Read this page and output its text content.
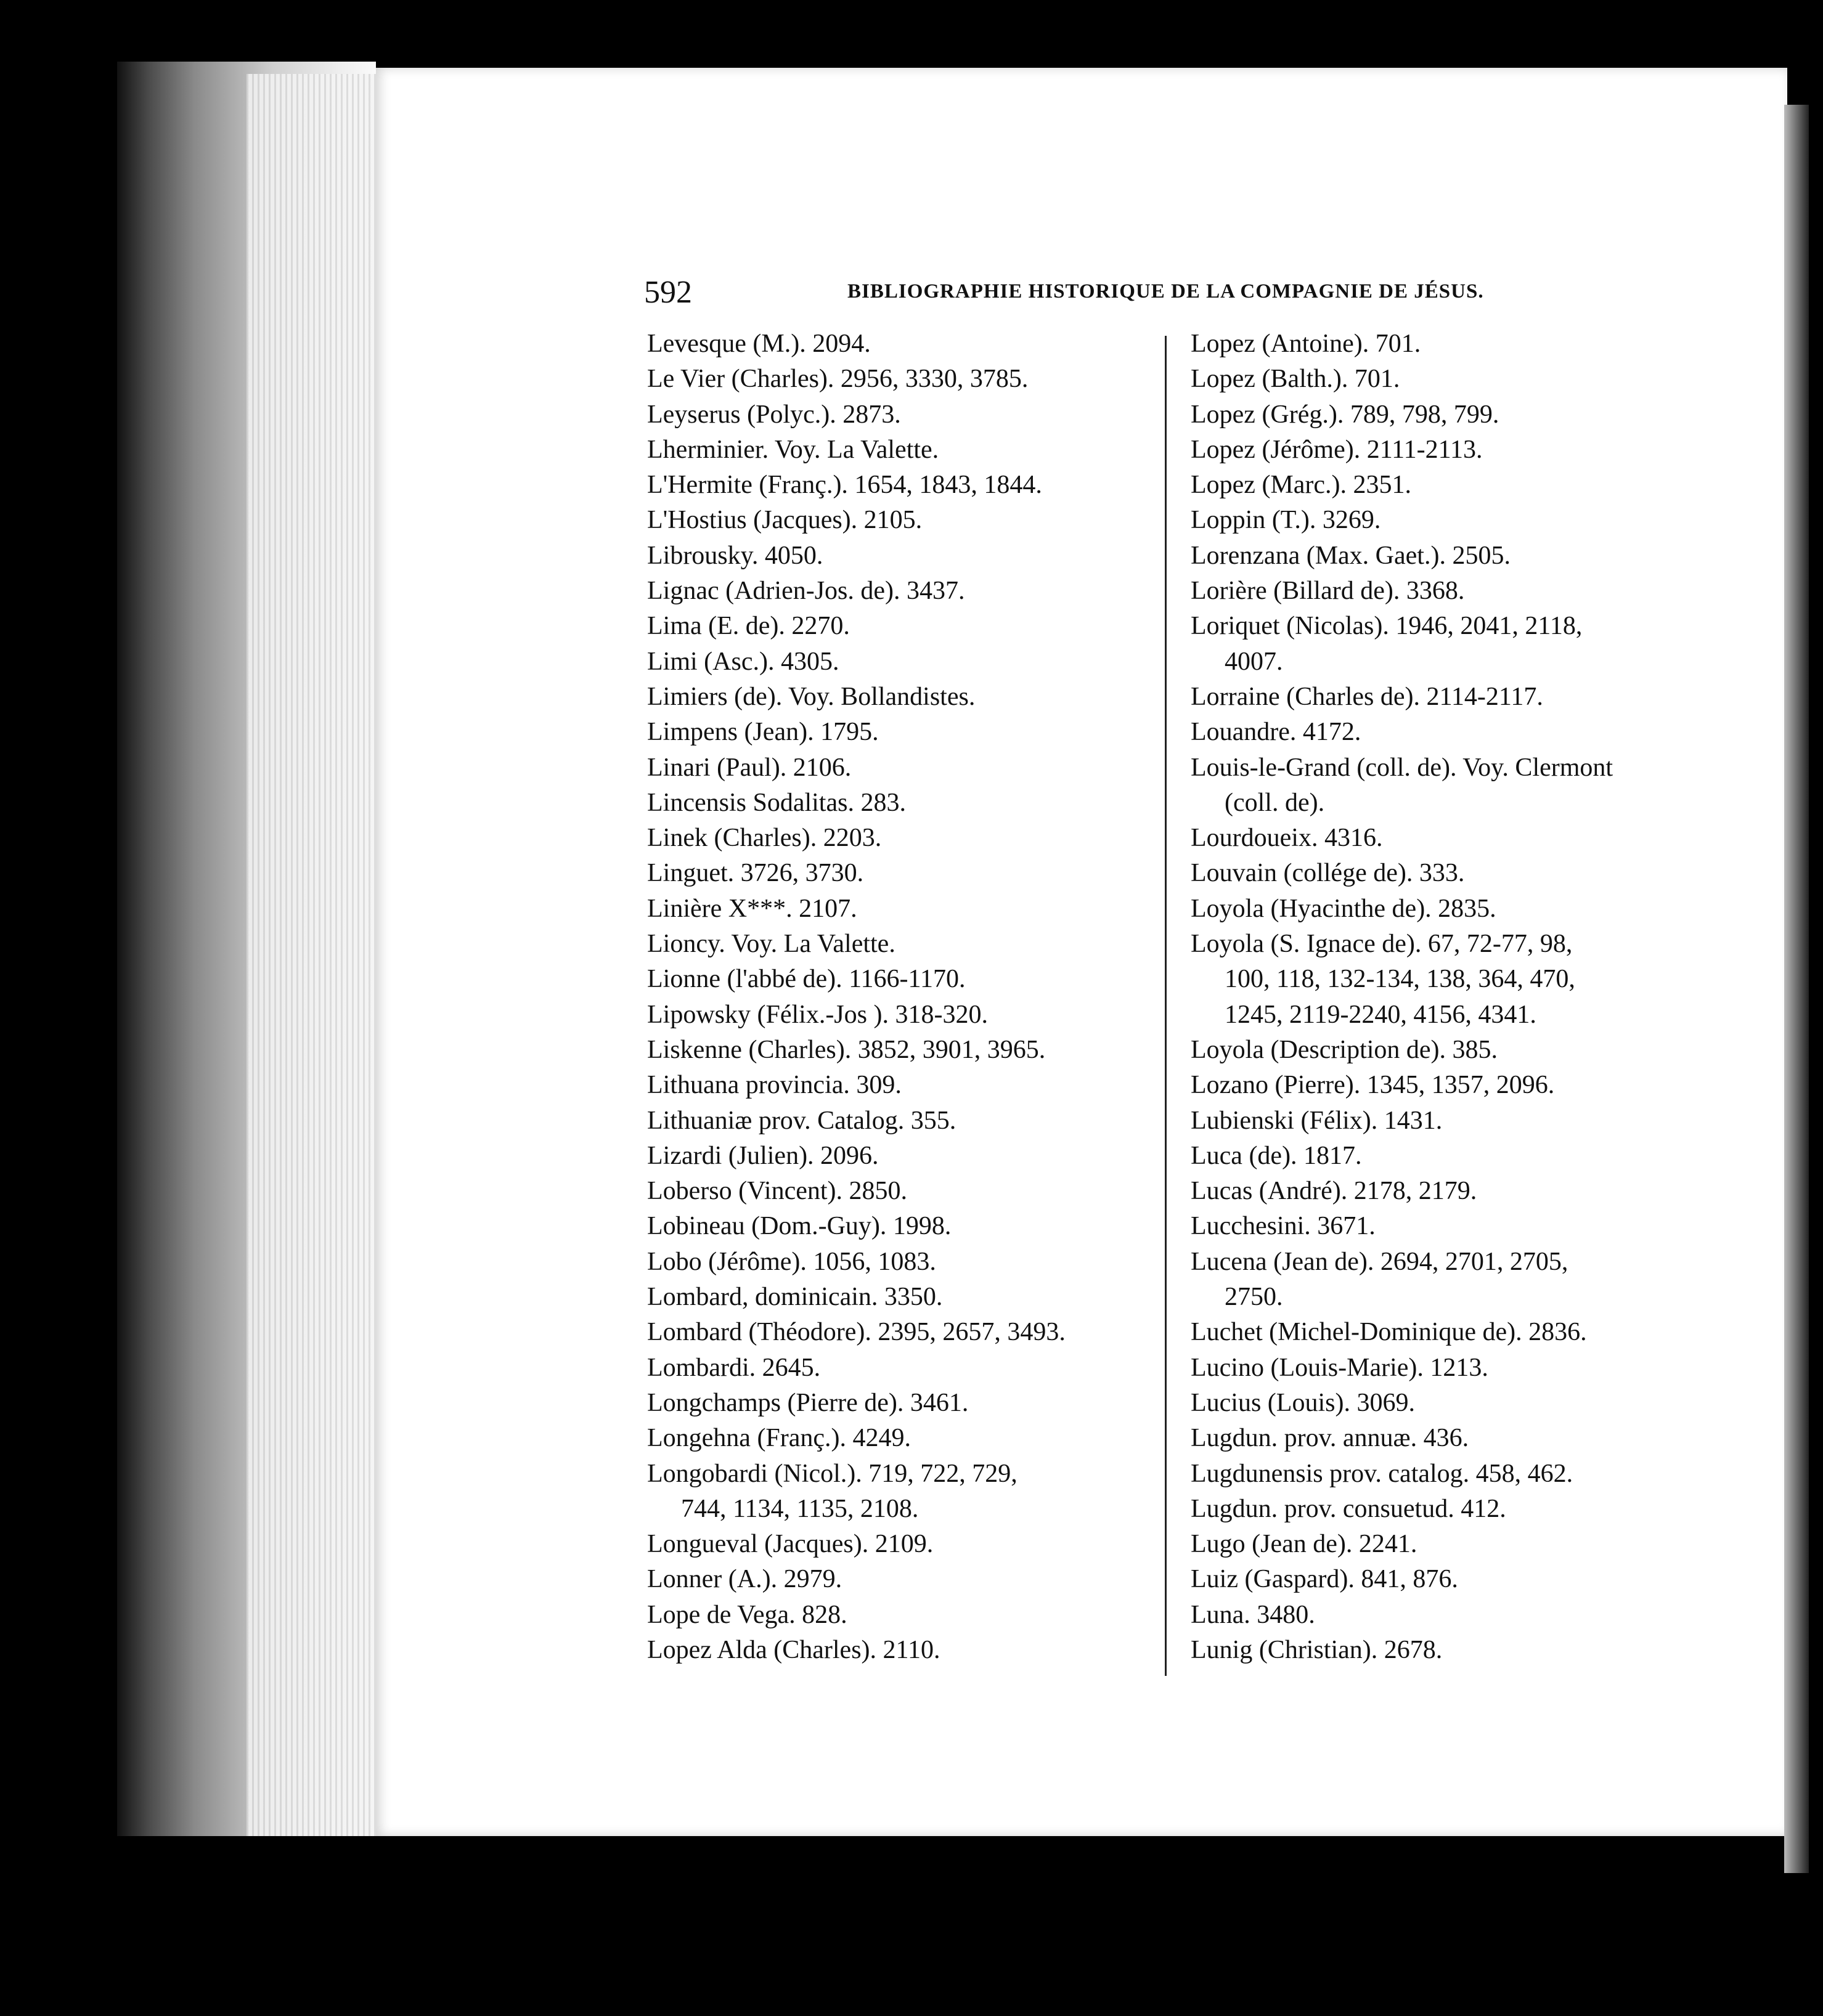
592	BIBLIOGRAPHIE HISTORIQUE DE LA COMPAGNIE DE JÉSUS.

Levesque (M.). 2094.

Le Vier (Charles). 2956, 3330, 3785.

Leyserus (Polyc.). 2873.

Lherminier. Voy. La Valette.

L'Hermite (Franç.). 1654, 1843, 1844.

L'Hostius (Jacques). 2105.

Librousky. 4050.

Lignac (Adrien-Jos. de). 3437.

Lima (E. de). 2270.

Limi (Asc.). 4305.

Limiers (de). Voy. Bollandistes.

Limpens (Jean). 1795.

Linari (Paul). 2106.

Lincensis Sodalitas. 283.

Linek (Charles). 2203.

Linguet. 3726, 3730.

Linière X***. 2107.

Lioncy. Voy. La Valette.

Lionne (l'abbé de). 1166-1170.

Lipowsky (Félix.-Jos ). 318-320.

Liskenne (Charles). 3852, 3901, 3965.

Lithuana provincia. 309.

Lithuaniæ prov. Catalog. 355.

Lizardi (Julien). 2096.

Loberso (Vincent). 2850.

Lobineau (Dom.-Guy). 1998.

Lobo (Jérôme). 1056, 1083.

Lombard, dominicain. 3350.

Lombard (Théodore). 2395, 2657, 3493.

Lombardi. 2645.

Longchamps (Pierre de). 3461.

Longehna (Franç.). 4249.

Longobardi (Nicol.). 719, 722, 729,

744, 1134, 1135, 2108.

Longueval (Jacques). 2109.

Lonner (A.). 2979.

Lope de Vega. 828.

Lopez Alda (Charles). 2110.

Lopez (Antoine). 701.

Lopez (Balth.). 701.

Lopez (Grég.). 789, 798, 799.

Lopez (Jérôme). 2111-2113.

Lopez (Marc.). 2351.

Loppin (T.). 3269.

Lorenzana (Max. Gaet.). 2505.

Lorière (Billard de). 3368.

Loriquet (Nicolas). 1946, 2041, 2118,

4007.

Lorraine (Charles de). 2114-2117.

Louandre. 4172.

Louis-le-Grand (coll. de). Voy. Clermont

(coll. de).

Lourdoueix. 4316.

Louvain (collége de). 333.

Loyola (Hyacinthe de). 2835.

Loyola (S. Ignace de). 67, 72-77, 98,

100, 118, 132-134, 138, 364, 470,

1245, 2119-2240, 4156, 4341.

Loyola (Description de). 385.

Lozano (Pierre). 1345, 1357, 2096.

Lubienski (Félix). 1431.

Luca (de). 1817.

Lucas (André). 2178, 2179.

Lucchesini. 3671.

Lucena (Jean de). 2694, 2701, 2705,

2750.

Luchet (Michel-Dominique de). 2836.

Lucino (Louis-Marie). 1213.

Lucius (Louis). 3069.

Lugdun. prov. annuæ. 436.

Lugdunensis prov. catalog. 458, 462.

Lugdun. prov. consuetud. 412.

Lugo (Jean de). 2241.

Luiz (Gaspard). 841, 876.

Luna. 3480.

Lunig (Christian). 2678.
